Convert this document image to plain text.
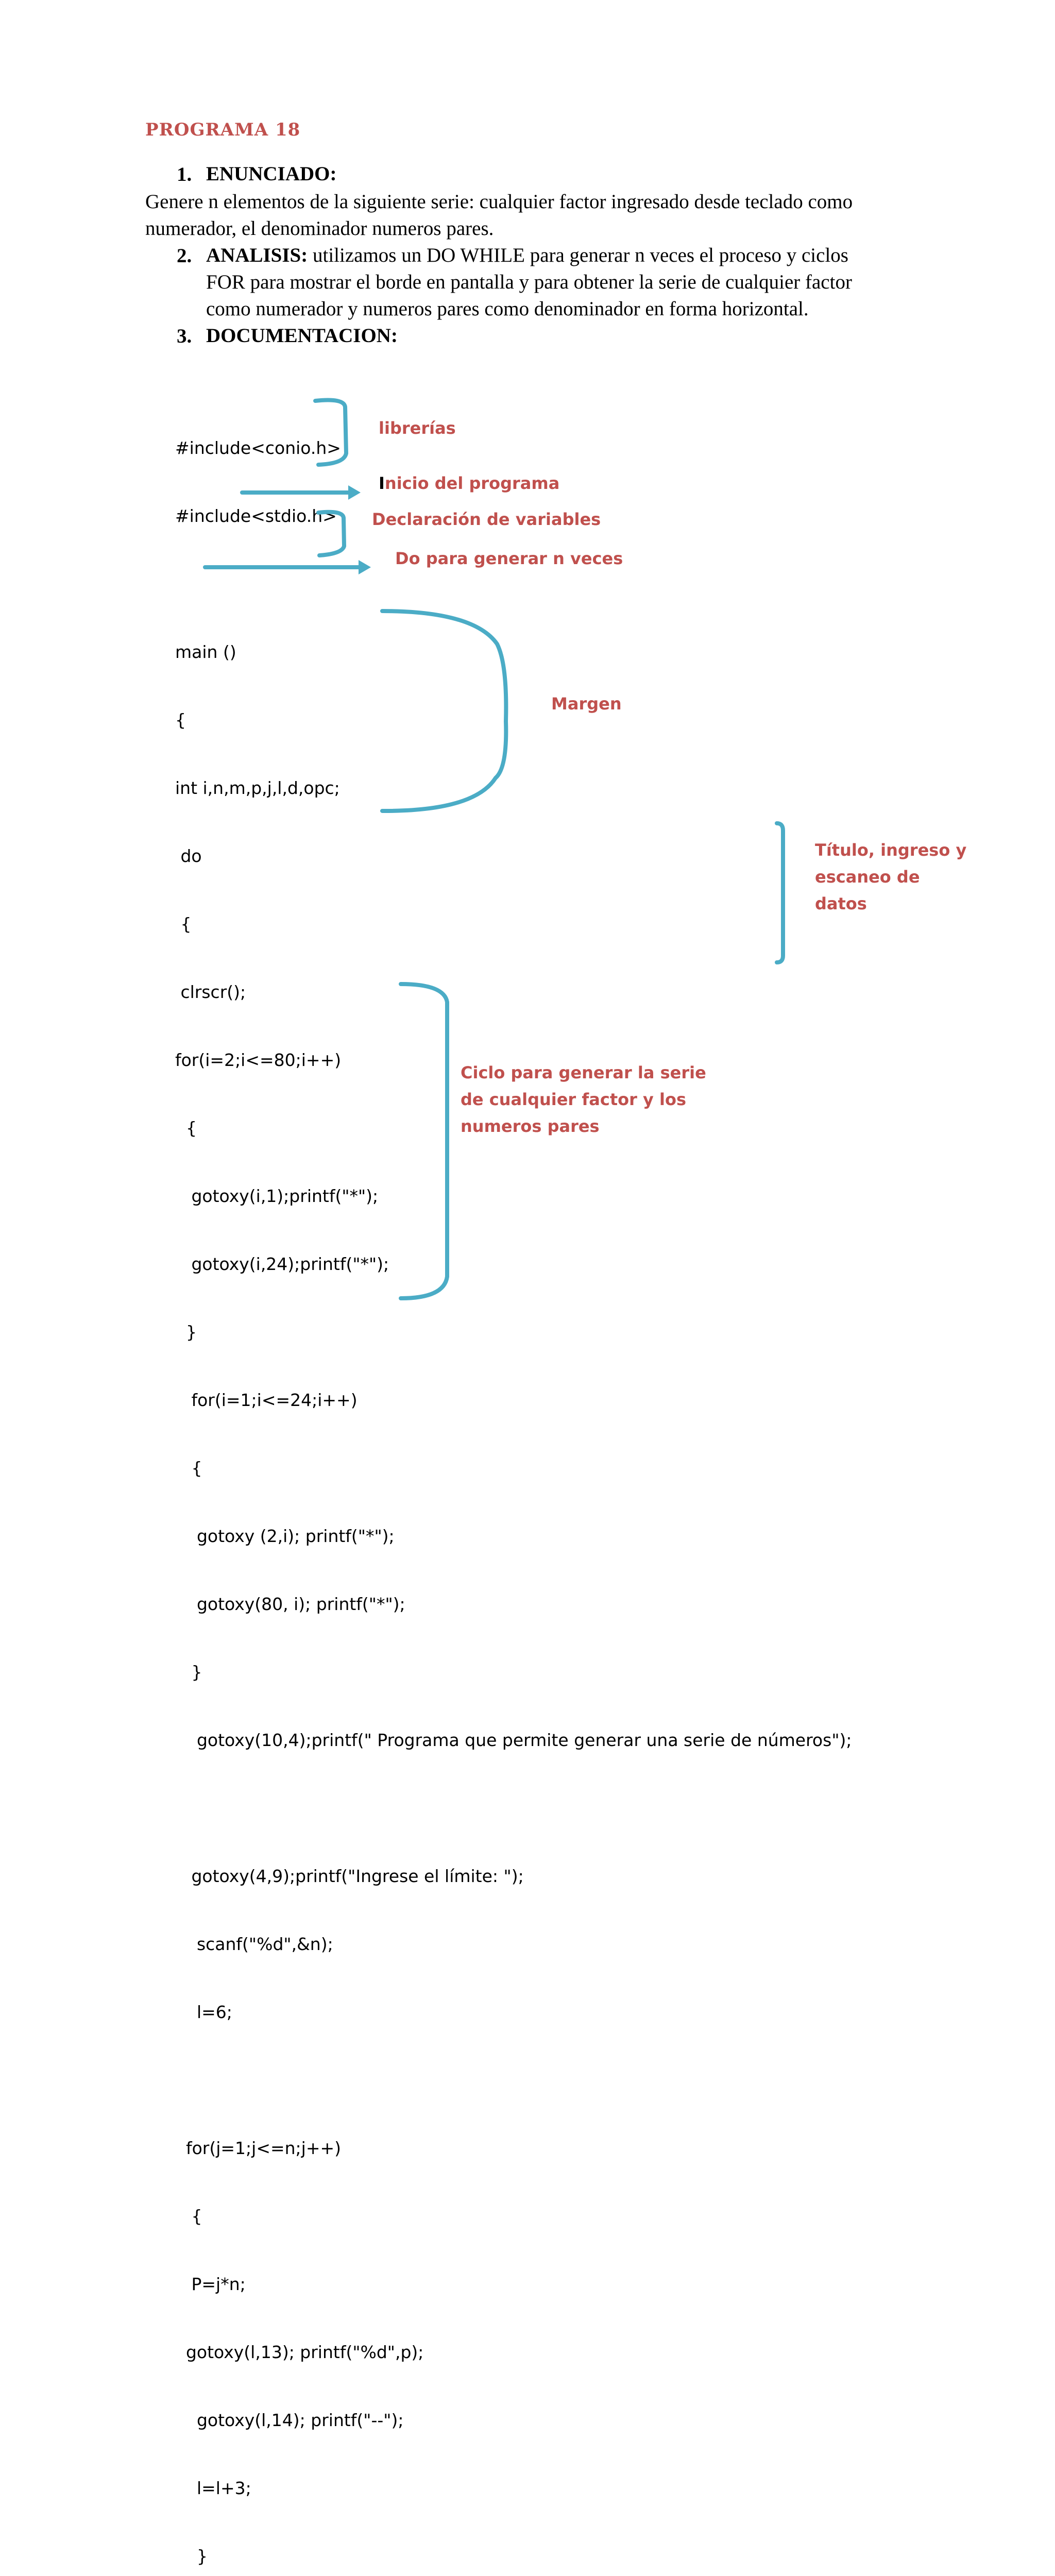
PROGRAMA 18
1. ENUNCIADO:
Genere n elementos de la siguiente serie: cualquier factor ingresado desde teclado como
numerador, el denominador numeros pares.
2. ANALISIS: utilizamos un DO WHILE para generar n veces el proceso y ciclos
FOR para mostrar el borde en pantalla y para obtener la serie de cualquier factor
como numerador y numeros pares como denominador en forma horizontal.
3. DOCUMENTACION:

#include<conio.h>

#include<stdio.h>

main ()

{

int i,n,m,p,j,l,d,opc;

do

{

clrscr();

for(i=2;i<=80;i++)

{

gotoxy(i,1);printf("*");

gotoxy(i,24);printf("*");

}

for(i=1;i<=24;i++)

{

gotoxy (2,i); printf("*");

gotoxy(80, i); printf("*");

}

gotoxy(10,4);printf(" Programa que permite generar una serie de números");

gotoxy(4,9);printf("Ingrese el límite: ");

scanf("%d",&n);

l=6;

for(j=1;j<=n;j++)

{

P=j*n;

gotoxy(l,13); printf("%d",p);

gotoxy(l,14); printf("--");

l=l+3;

}

librerías
Inicio del programa
Declaración de variables
Do para generar n veces
Margen
Título, ingreso y
escaneo de
datos
Ciclo para generar la serie
de cualquier factor y los
numeros pares
